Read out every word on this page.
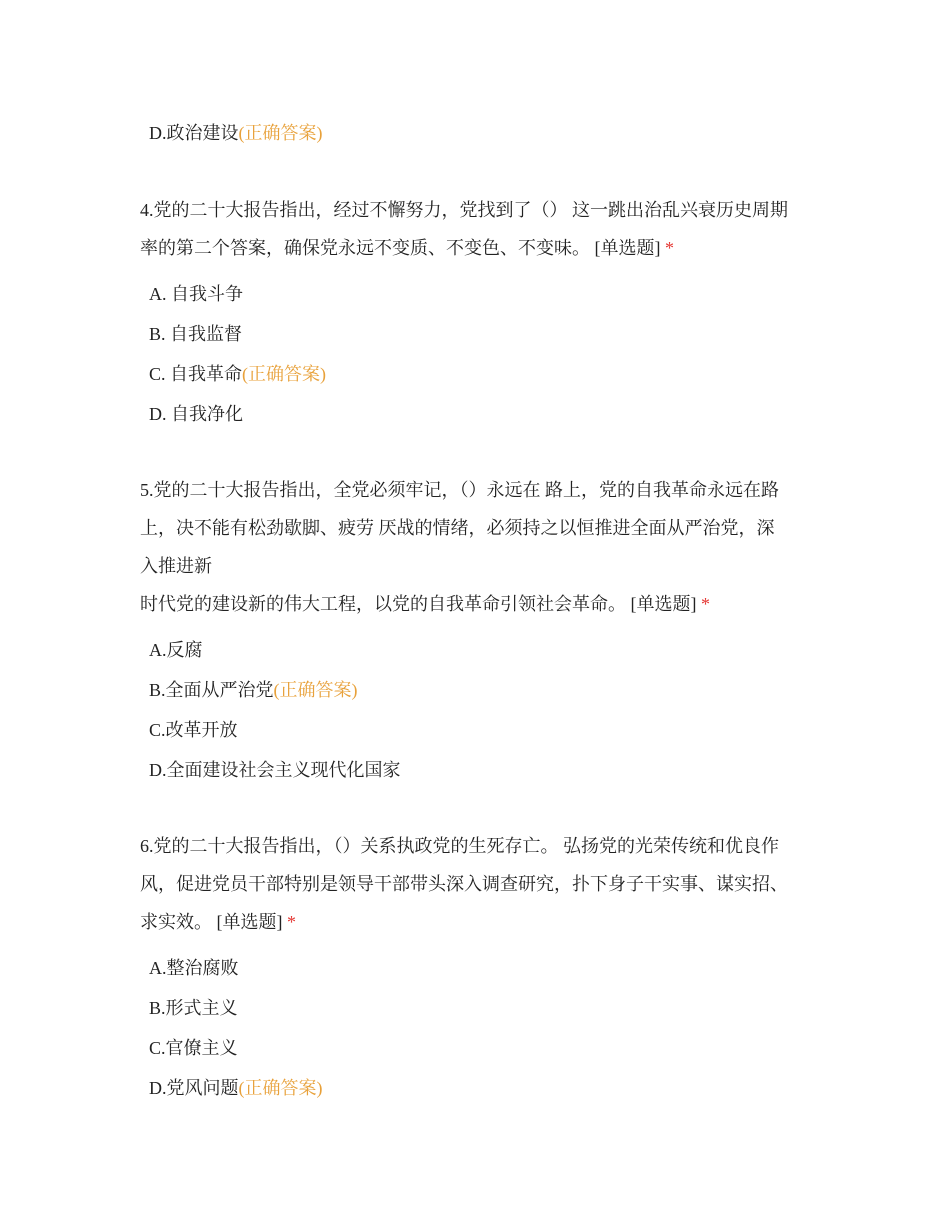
D.政治建设(正确答案)
4.党的二十大报告指出，经过不懈努力，党找到了（） 这一跳出治乱兴衰历史周期
率的第二个答案，确保党永远不变质、不变色、不变味。 [单选题] *
A. 自我斗争
B. 自我监督
C. 自我革命(正确答案)
D. 自我净化
5.党的二十大报告指出，全党必须牢记，（）永远在 路上，党的自我革命永远在路
上，决不能有松劲歇脚、疲劳 厌战的情绪，必须持之以恒推进全面从严治党，深
入推进新
时代党的建设新的伟大工程，以党的自我革命引领社会革命。 [单选题] *
A.反腐
B.全面从严治党(正确答案)
C.改革开放
D.全面建设社会主义现代化国家
6.党的二十大报告指出，（）关系执政党的生死存亡。 弘扬党的光荣传统和优良作
风，促进党员干部特别是领导干部带头深入调查研究，扑下身子干实事、谋实招、
求实效。 [单选题] *
A.整治腐败
B.形式主义
C.官僚主义
D.党风问题(正确答案)
